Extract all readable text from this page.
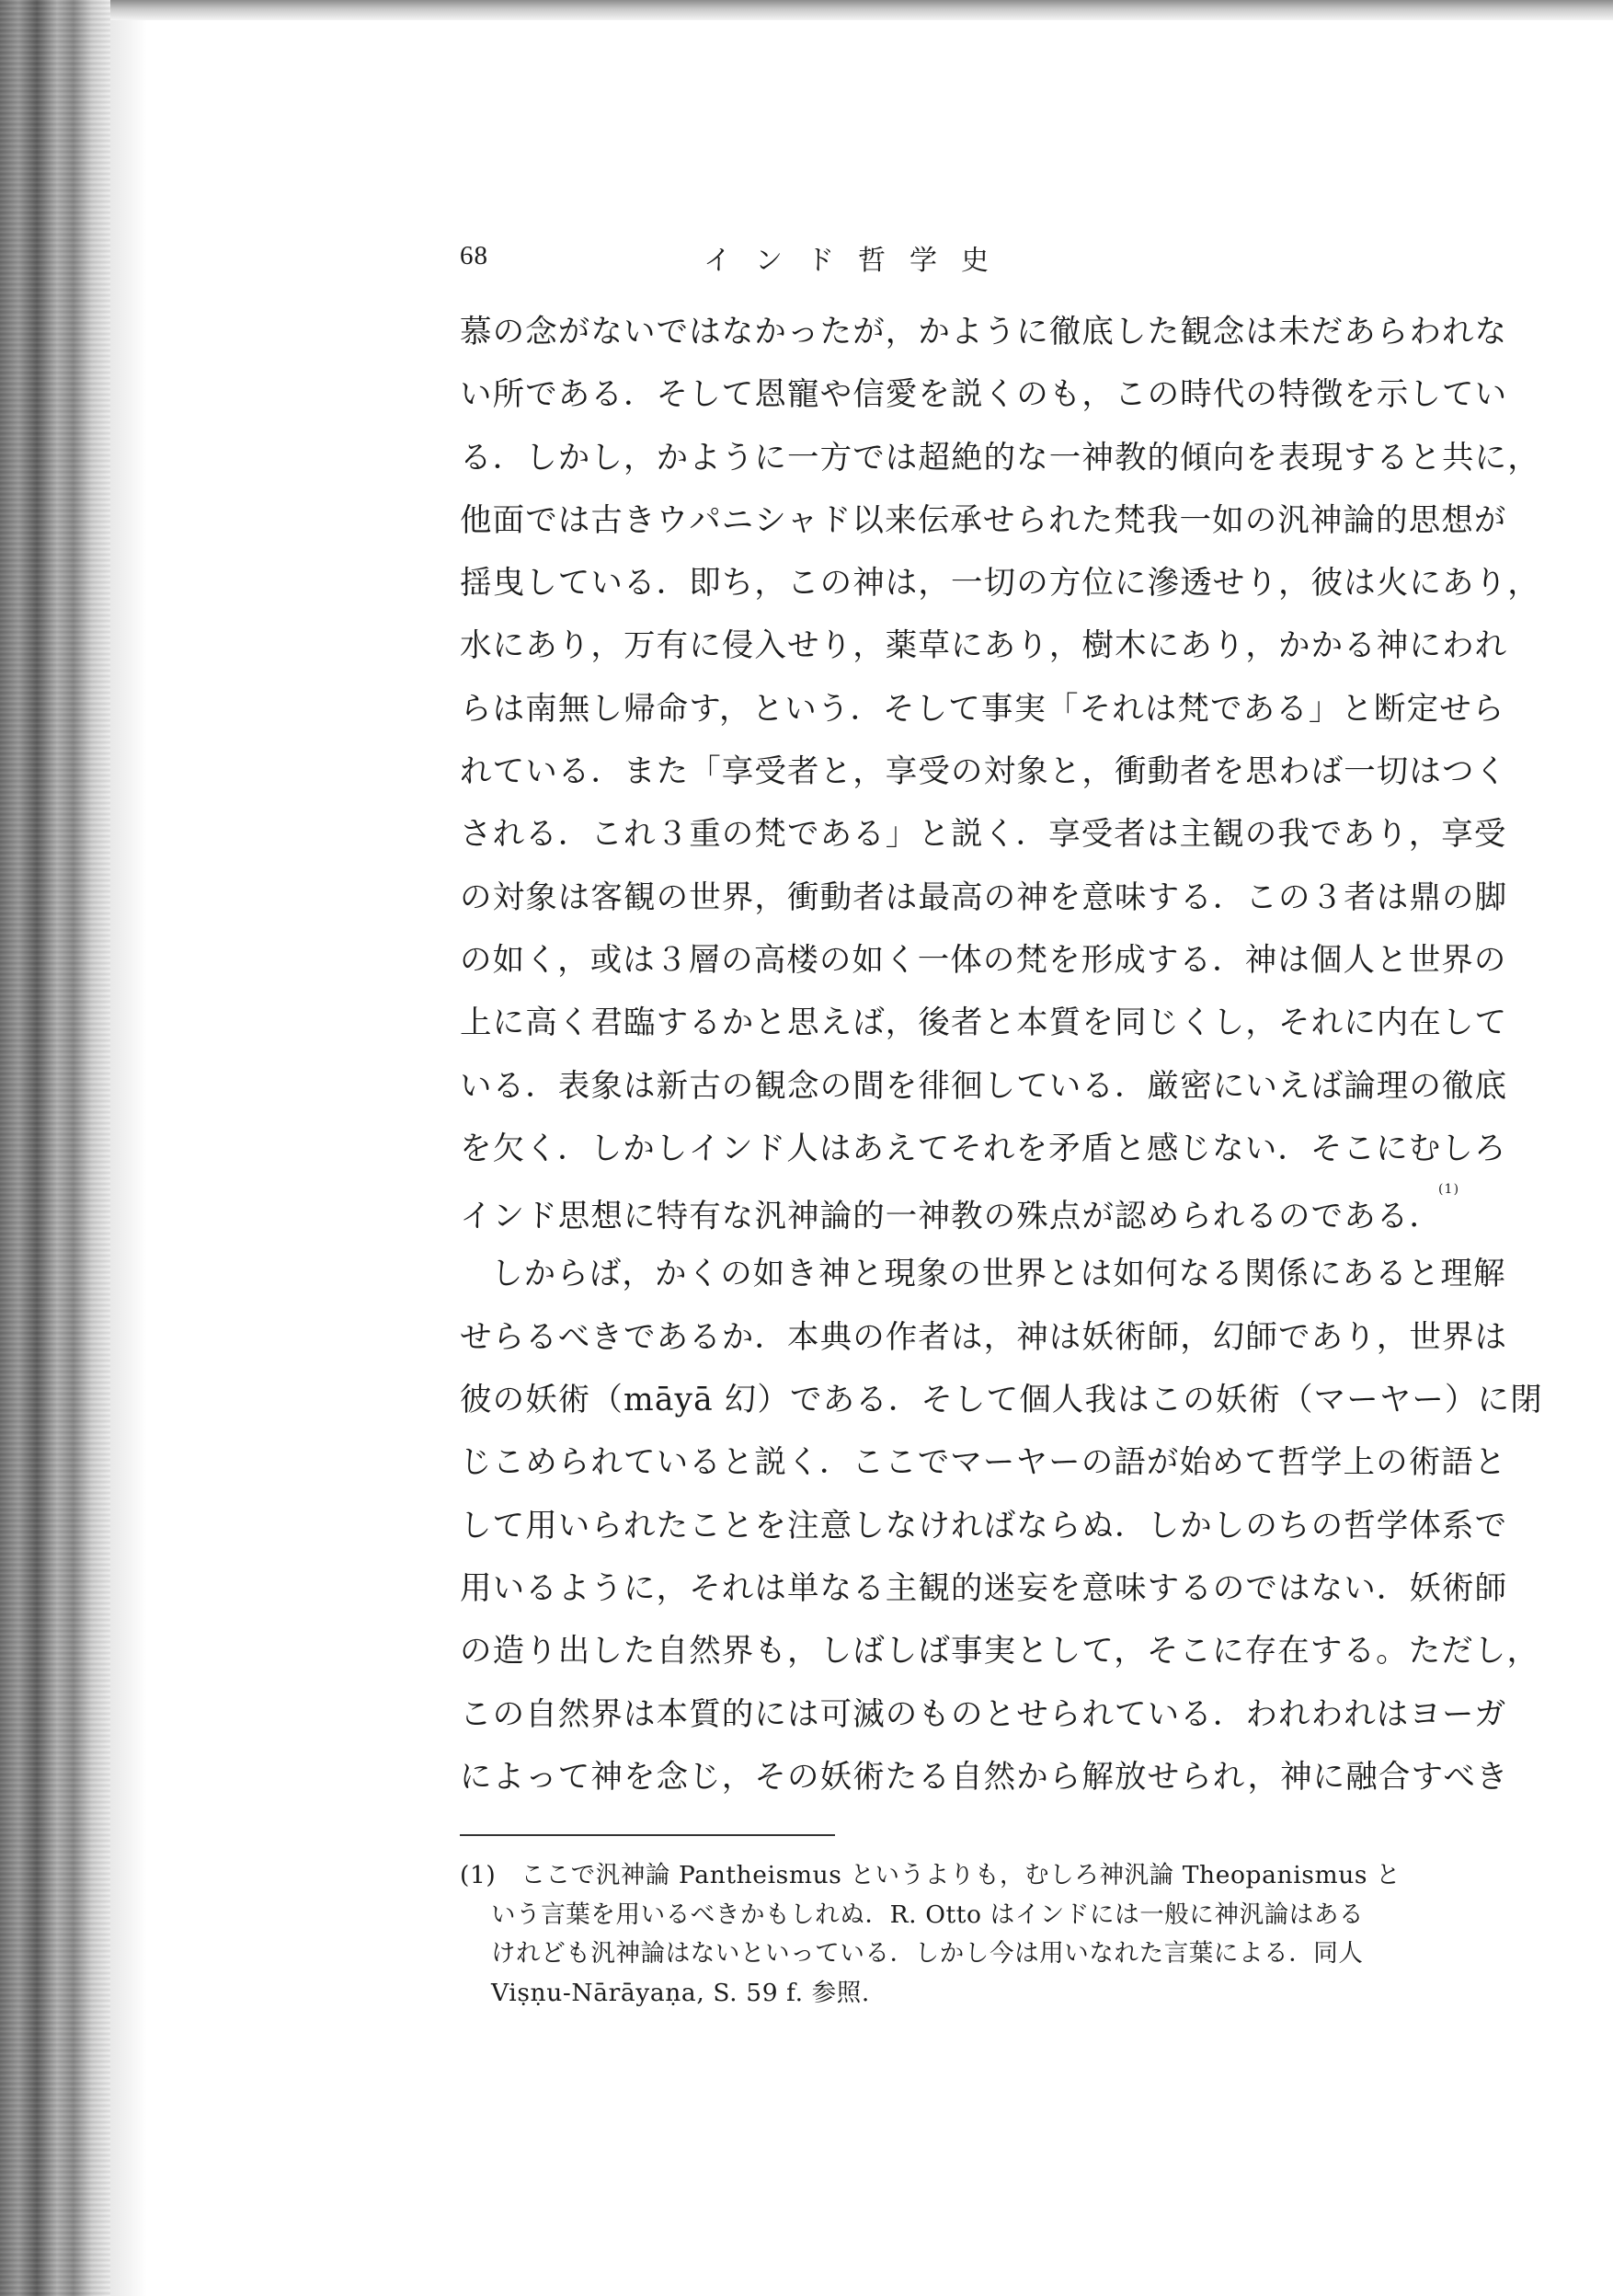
68	インド哲学史
慕の念がないではなかったが，かように徹底した観念は未だあらわれな
い所である．そして恩寵や信愛を説くのも，この時代の特徴を示してい
る．しかし，かように一方では超絶的な一神教的傾向を表現すると共に，
他面では古きウパニシャド以来伝承せられた梵我一如の汎神論的思想が
揺曳している．即ち，この神は，一切の方位に滲透せり，彼は火にあり，
水にあり，万有に侵入せり，薬草にあり，樹木にあり，かかる神にわれ
らは南無し帰命す，という．そして事実「それは梵である」と断定せら
れている．また「享受者と，享受の対象と，衝動者を思わば一切はつく
される．これ３重の梵である」と説く．享受者は主観の我であり，享受
の対象は客観の世界，衝動者は最高の神を意味する．この３者は鼎の脚
の如く，或は３層の高楼の如く一体の梵を形成する．神は個人と世界の
上に高く君臨するかと思えば，後者と本質を同じくし，それに内在して
いる．表象は新古の観念の間を徘徊している．厳密にいえば論理の徹底
を欠く．しかしインド人はあえてそれを矛盾と感じない．そこにむしろ
インド思想に特有な汎神論的一神教の殊点が認められるのである．$^{(1)}$
しからば，かくの如き神と現象の世界とは如何なる関係にあると理解
せらるべきであるか．本典の作者は，神は妖術師，幻師であり，世界は
彼の妖術（māyā 幻）である．そして個人我はこの妖術（マーヤー）に閉
じこめられていると説く．ここでマーヤーの語が始めて哲学上の術語と
して用いられたことを注意しなければならぬ．しかしのちの哲学体系で
用いるように，それは単なる主観的迷妄を意味するのではない．妖術師
の造り出した自然界も，しばしば事実として，そこに存在する。ただし，
この自然界は本質的には可滅のものとせられている．われわれはヨーガ
によって神を念じ，その妖術たる自然から解放せられ，神に融合すべき
(1)　ここで汎神論 Pantheismus というよりも，むしろ神汎論 Theopanismus と
いう言葉を用いるべきかもしれぬ．R. Otto はインドには一般に神汎論はある
けれども汎神論はないといっている．しかし今は用いなれた言葉による．同人
Viṣṇu-Nārāyaṇa, S. 59 f. 参照.
